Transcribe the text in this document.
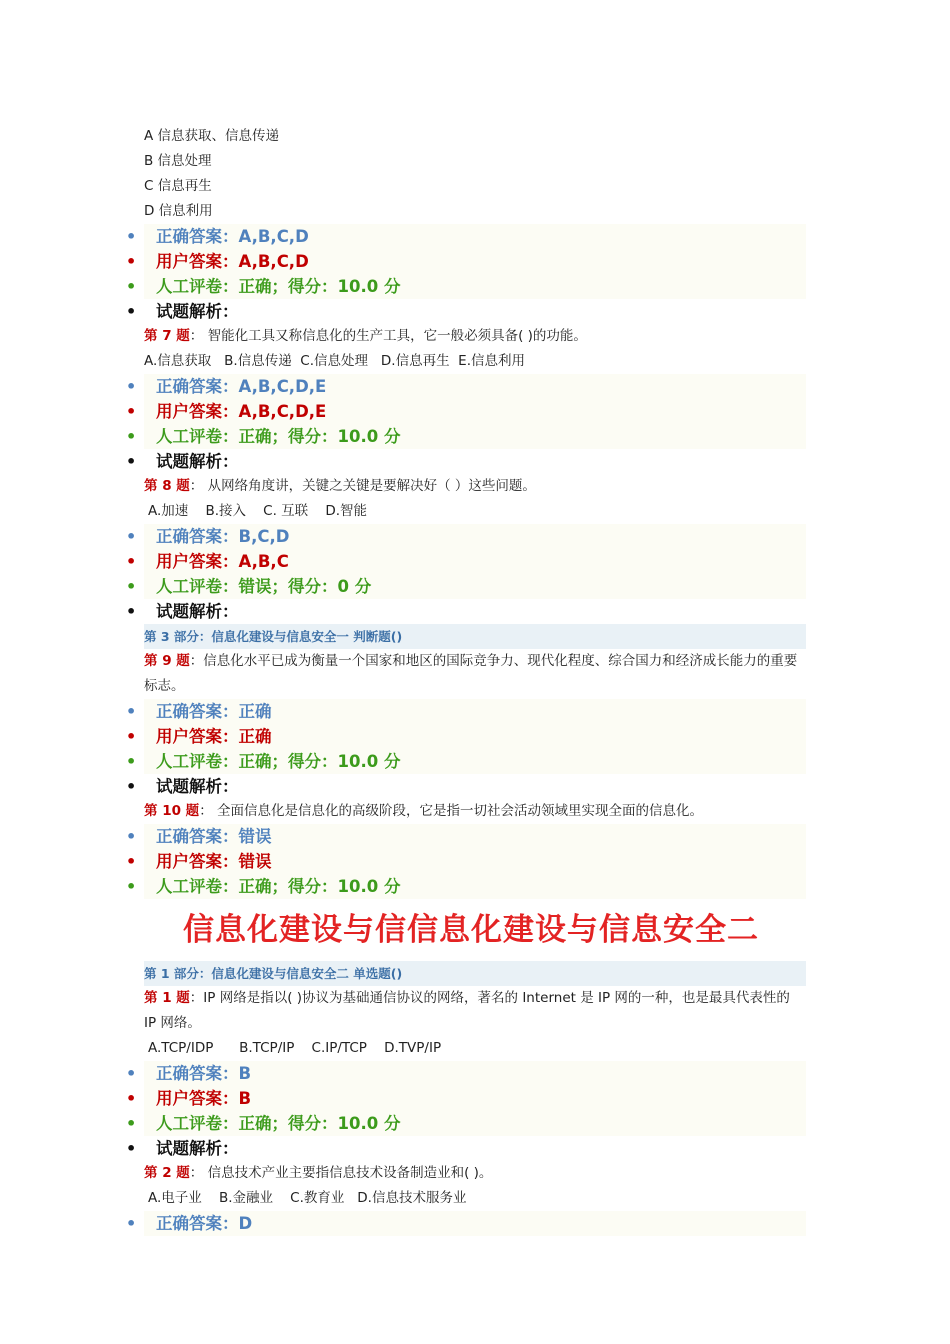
A 信息获取、信息传递
B 信息处理
C 信息再生
D 信息利用
• 正确答案：A,B,C,D
• 用户答案：A,B,C,D
• 人工评卷：正确；得分：10.0 分
• 试题解析：
第 7 题： 智能化工具又称信息化的生产工具，它一般必须具备( )的功能。
A.信息获取   B.信息传递  C.信息处理   D.信息再生  E.信息利用
• 正确答案：A,B,C,D,E
• 用户答案：A,B,C,D,E
• 人工评卷：正确；得分：10.0 分
• 试题解析：
第 8 题： 从网络角度讲，关键之关键是要解决好（ ）这些问题。
A.加速    B.接入    C. 互联    D.智能
• 正确答案：B,C,D
• 用户答案：A,B,C
• 人工评卷：错误；得分：0 分
• 试题解析：
第 3 部分：信息化建设与信息安全一 判断题()
第 9 题：信息化水平已成为衡量一个国家和地区的国际竞争力、现代化程度、综合国力和经济成长能力的重要标志。
• 正确答案：正确
• 用户答案：正确
• 人工评卷：正确；得分：10.0 分
• 试题解析：
第 10 题： 全面信息化是信息化的高级阶段，它是指一切社会活动领域里实现全面的信息化。
• 正确答案：错误
• 用户答案：错误
• 人工评卷：正确；得分：10.0 分
信息化建设与信信息化建设与信息安全二
第 1 部分：信息化建设与信息安全二 单选题()
第 1 题：IP 网络是指以( )协议为基础通信协议的网络，著名的 Internet 是 IP 网的一种，也是最具代表性的 IP 网络。
A.TCP/IDP      B.TCP/IP    C.IP/TCP    D.TVP/IP
• 正确答案：B
• 用户答案：B
• 人工评卷：正确；得分：10.0 分
• 试题解析：
第 2 题： 信息技术产业主要指信息技术设备制造业和( )。
A.电子业    B.金融业    C.教育业   D.信息技术服务业
• 正确答案：D
